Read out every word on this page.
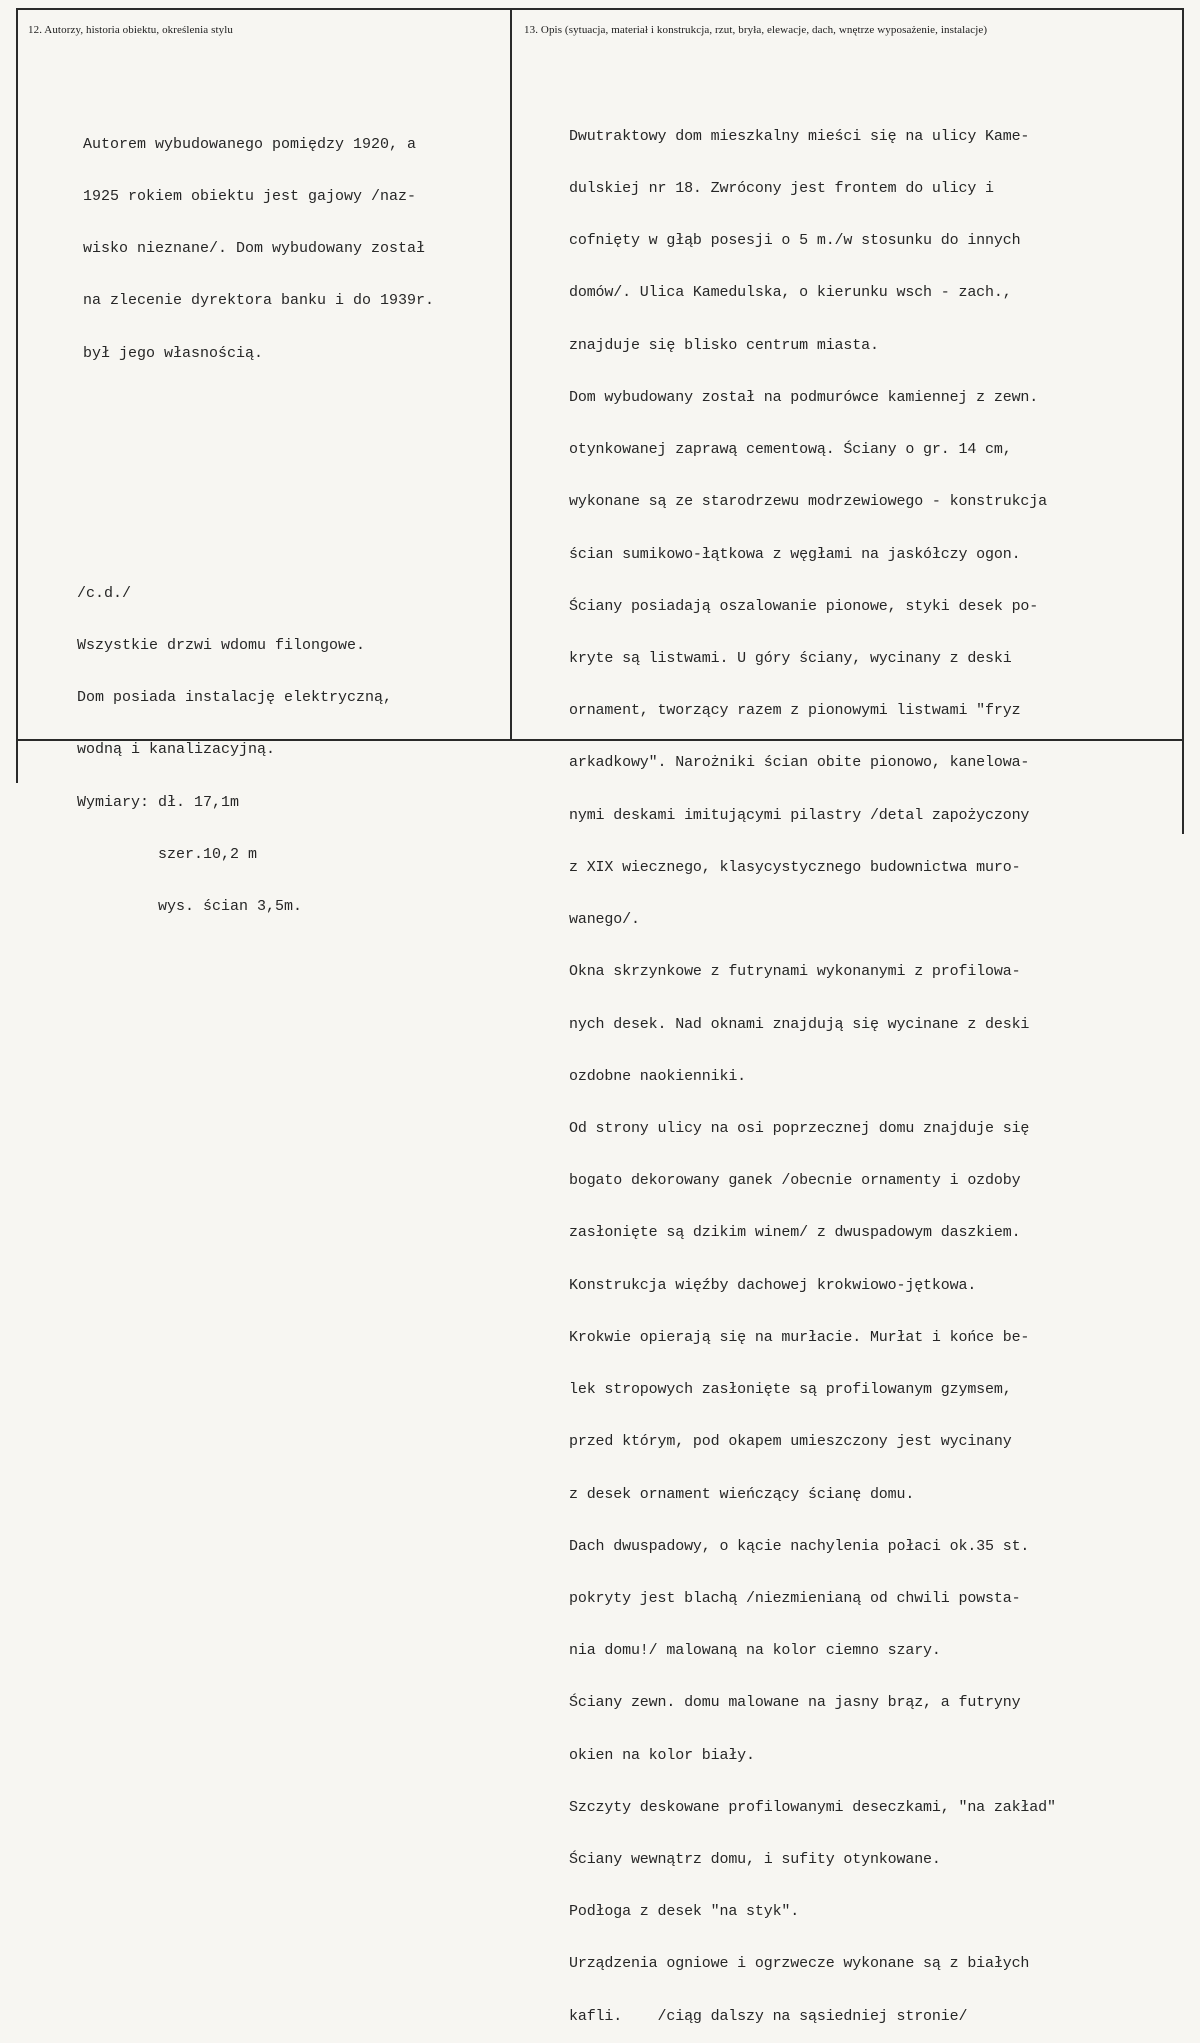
12. Autorzy, historia obiektu, określenia stylu	13. Opis (sytuacja, materiał i konstrukcja, rzut, bryła, elewacje, dach, wnętrze wyposażenie, instalacje)

Autorem wybudowanego pomiędzy 1920, a

1925 rokiem obiektu jest gajowy /naz-

wisko nieznane/. Dom wybudowany został

na zlecenie dyrektora banku i do 1939r.

był jego własnością.

/c.d./

Wszystkie drzwi wdomu filongowe.

Dom posiada instalację elektryczną,

wodną i kanalizacyjną.

Wymiary: dł. 17,1m

szer.10,2 m

wys. ścian 3,5m.

Dwutraktowy dom mieszkalny mieści się na ulicy Kame-

dulskiej nr 18. Zwrócony jest frontem do ulicy i

cofnięty w głąb posesji o 5 m./w stosunku do innych

domów/. Ulica Kamedulska, o kierunku wsch - zach.,

znajduje się blisko centrum miasta.

Dom wybudowany został na podmurówce kamiennej z zewn.

otynkowanej zaprawą cementową. Ściany o gr. 14 cm,

wykonane są ze starodrzewu modrzewiowego - konstrukcja

ścian sumikowo-łątkowa z węgłami na jaskółczy ogon.

Ściany posiadają oszalowanie pionowe, styki desek po-

kryte są listwami. U góry ściany, wycinany z deski

ornament, tworzący razem z pionowymi listwami "fryz

arkadkowy". Narożniki ścian obite pionowo, kanelowa-

nymi deskami imitującymi pilastry /detal zapożyczony

z XIX wiecznego, klasycystycznego budownictwa muro-

wanego/.

Okna skrzynkowe z futrynami wykonanymi z profilowa-

nych desek. Nad oknami znajdują się wycinane z deski

ozdobne naokienniki.

Od strony ulicy na osi poprzecznej domu znajduje się

bogato dekorowany ganek /obecnie ornamenty i ozdoby

zasłonięte są dzikim winem/ z dwuspadowym daszkiem.

Konstrukcja więźby dachowej krokwiowo-jętkowa.

Krokwie opierają się na murłacie. Murłat i końce be-

lek stropowych zasłonięte są profilowanym gzymsem,

przed którym, pod okapem umieszczony jest wycinany

z desek ornament wieńczący ścianę domu.

Dach dwuspadowy, o kącie nachylenia połaci ok.35 st.

pokryty jest blachą /niezmienianą od chwili powsta-

nia domu!/ malowaną na kolor ciemno szary.

Ściany zewn. domu malowane na jasny brąz, a futryny

okien na kolor biały.

Szczyty deskowane profilowanymi deseczkami, "na zakład"

Ściany wewnątrz domu, i sufity otynkowane.

Podłoga z desek "na styk".

Urządzenia ogniowe i ogrzwecze wykonane są z białych

kafli.    /ciąg dalszy na sąsiedniej stronie/
